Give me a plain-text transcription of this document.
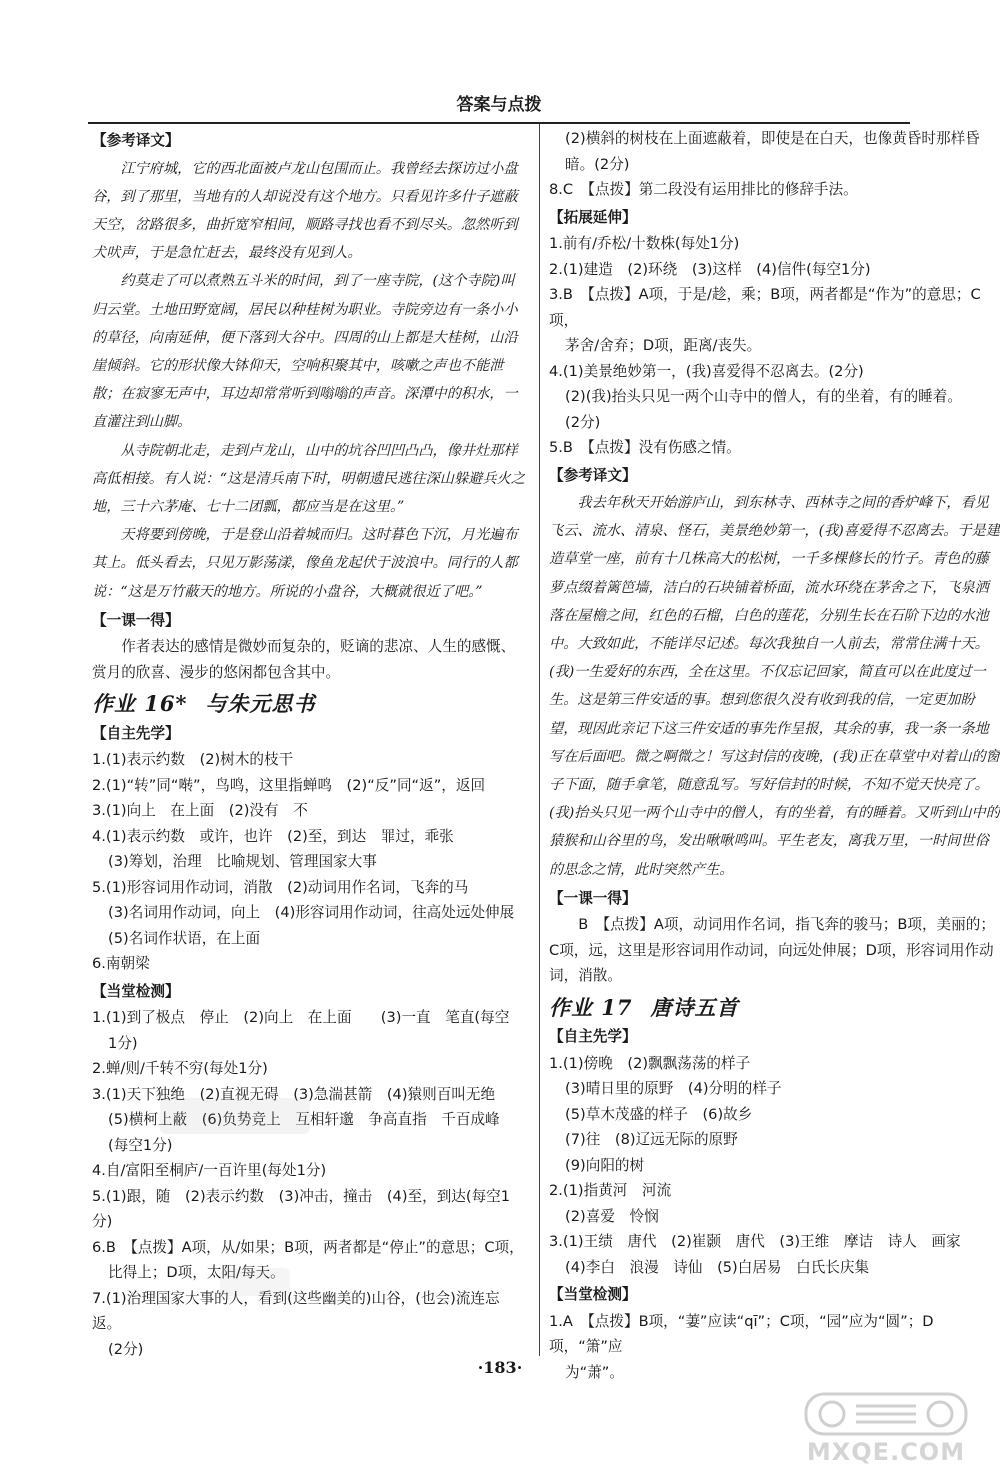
答案与点拨
【参考译文】

江宁府城，它的西北面被卢龙山包围而止。我曾经去探访过小盘谷，到了那里，当地有的人却说没有这个地方。只看见许多什子遮蔽天空，岔路很多，曲折宽窄相间，顺路寻找也看不到尽头。忽然听到犬吠声，于是急忙赶去，最终没有见到人。

约莫走了可以煮熟五斗米的时间，到了一座寺院，(这个寺院)叫归云堂。土地田野宽阔，居民以种桂树为职业。寺院旁边有一条小小的草径，向南延伸，便下落到大谷中。四周的山上都是大桂树，山沿崖倾斜。它的形状像大钵仰天，空响积聚其中，咳嗽之声也不能泄散；在寂寥无声中，耳边却常常听到嗡嗡的声音。深潭中的积水，一直灌注到山脚。

从寺院朝北走，走到卢龙山，山中的坑谷凹凹凸凸，像井灶那样高低相接。有人说：“这是清兵南下时，明朝遗民逃往深山躲避兵火之地，三十六茅庵、七十二团瓢，都应当是在这里。”

天将要到傍晚，于是登山沿着城而归。这时暮色下沉，月光遍布其上。低头看去，只见万影荡漾，像鱼龙起伏于波浪中。同行的人都说：“这是万竹蔽天的地方。所说的小盘谷，大概就很近了吧。”

【一课一得】

作者表达的感情是微妙而复杂的，贬谪的悲凉、人生的感慨、赏月的欣喜、漫步的悠闲都包含其中。

作业 16* 与朱元思书
【自主先学】
1.(1)表示约数　(2)树木的枝干
2.(1)“转”同“啭”，鸟鸣，这里指蝉鸣　(2)“反”同“返”，返回
3.(1)向上　在上面　(2)没有　不
4.(1)表示约数　或许，也许　(2)至，到达　罪过，乖张
(3)筹划，治理　比喻规划、管理国家大事
5.(1)形容词用作动词，消散　(2)动词用作名词，飞奔的马
(3)名词用作动词，向上　(4)形容词用作动词，往高处远处伸展
(5)名词作状语，在上面
6.南朝梁
【当堂检测】
1.(1)到了极点　停止　(2)向上　在上面　　(3)一直　笔直(每空
1分)
2.蝉/则/千转不穷(每处1分)
3.(1)天下独绝　(2)直视无碍　(3)急湍甚箭　(4)猿则百叫无绝
(5)横柯上蔽　(6)负势竞上　互相轩邈　争高直指　千百成峰
(每空1分)
4.自/富阳至桐庐/一百许里(每处1分)
5.(1)跟，随　(2)表示约数　(3)冲击，撞击　(4)至，到达(每空1分)
6.B　【点拨】A项，从/如果；B项，两者都是“停止”的意思；C项，
比得上；D项，太阳/每天。
7.(1)治理国家大事的人，看到(这些幽美的)山谷，(也会)流连忘返。
(2分)
(2)横斜的树枝在上面遮蔽着，即使是在白天，也像黄昏时那样昏
暗。(2分)
8.C　【点拨】第二段没有运用排比的修辞手法。
【拓展延伸】
1.前有/乔松/十数株(每处1分)
2.(1)建造　(2)环绕　(3)这样　(4)信件(每空1分)
3.B　【点拨】A项，于是/趁，乘；B项，两者都是“作为”的意思；C项，
茅舍/舍弃；D项，距离/丧失。
4.(1)美景绝妙第一，(我)喜爱得不忍离去。(2分)
(2)(我)抬头只见一两个山寺中的僧人，有的坐着，有的睡着。
(2分)
5.B　【点拨】没有伤感之情。
【参考译文】

我去年秋天开始游庐山，到东林寺、西林寺之间的香炉峰下，看见飞云、流水、清泉、怪石，美景绝妙第一，(我)喜爱得不忍离去。于是建造草堂一座，前有十几株高大的松树，一千多棵修长的竹子。青色的藤萝点缀着篱笆墙，洁白的石块铺着桥面，流水环绕在茅舍之下，飞泉洒落在屋檐之间，红色的石榴，白色的莲花，分别生长在石阶下边的水池中。大致如此，不能详尽记述。每次我独自一人前去，常常住满十天。(我)一生爱好的东西，全在这里。不仅忘记回家，简直可以在此度过一生。这是第三件安适的事。想到您很久没有收到我的信，一定更加盼望，现因此亲记下这三件安适的事先作呈报，其余的事，我一条一条地写在后面吧。微之啊微之！写这封信的夜晚，(我)正在草堂中对着山的窗子下面，随手拿笔，随意乱写。写好信封的时候，不知不觉天快亮了。(我)抬头只见一两个山寺中的僧人，有的坐着，有的睡着。又听到山中的猿猴和山谷里的鸟，发出啾啾鸣叫。平生老友，离我万里，一时间世俗的思念之情，此时突然产生。

【一课一得】

B　【点拨】A项，动词用作名词，指飞奔的骏马；B项，美丽的；C项，远，这里是形容词用作动词，向远处伸展；D项，形容词用作动词，消散。

作业 17 唐诗五首
【自主先学】
1.(1)傍晚　(2)飘飘荡荡的样子
(3)晴日里的原野　(4)分明的样子
(5)草木茂盛的样子　(6)故乡
(7)往　(8)辽远无际的原野
(9)向阳的树
2.(1)指黄河　河流
(2)喜爱　怜悯
3.(1)王绩　唐代　(2)崔颢　唐代　(3)王维　摩诘　诗人　画家
(4)李白　浪漫　诗仙　(5)白居易　白氏长庆集
【当堂检测】
1.A　【点拨】B项，“萋”应读“qī”；C项，“园”应为“圆”；D项，“箫”应
为“萧”。
·183·
MXQE.COM
